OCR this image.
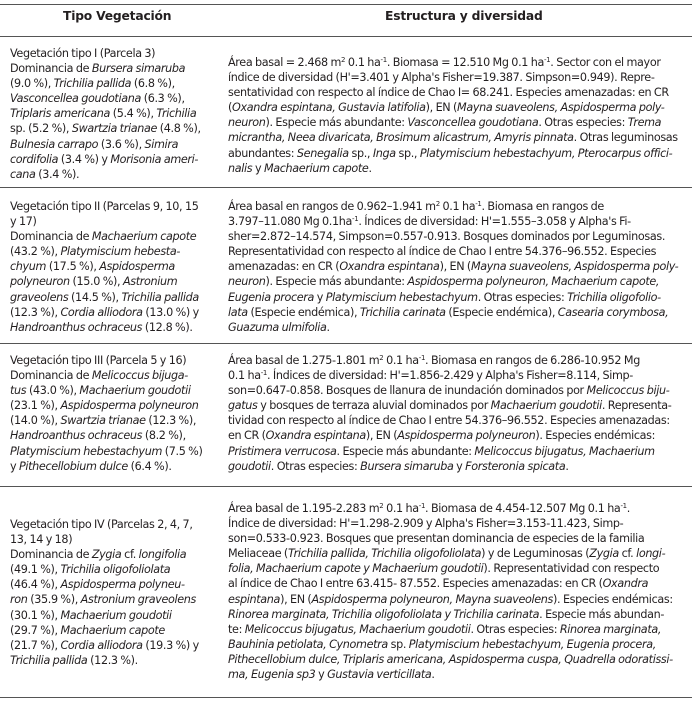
Tipo Vegetación	Estructura y diversidad
Vegetación tipo I (Parcela 3)
Dominancia de Bursera simaruba
(9.0 %), Trichilia pallida (6.8 %),
Vasconcellea goudotiana (6.3 %),
Triplaris americana (5.4 %), Trichilia
sp. (5.2 %), Swartzia trianae (4.8 %),
Bulnesia carrapo (3.6 %), Simira
cordifolia (3.4 %) y Morisonia ameri-
cana (3.4 %).
Área basal = 2.468 $m^2$ 0.1 $ha^{-1}$. Biomasa = 12.510 Mg 0.1 $ha^{-1}$. Sector con el mayor
índice de diversidad (H'=3.401 y Alpha's Fisher=19.387. Simpson=0.949). Repre-
sentatividad con respecto al índice de Chao I= 68.241. Especies amenazadas: en CR
(Oxandra espintana, Gustavia latifolia), EN (Mayna suaveolens, Aspidosperma poly-
neuron). Especie más abundante: Vasconcellea goudotiana. Otras especies: Trema
micrantha, Neea divaricata, Brosimum alicastrum, Amyris pinnata. Otras leguminosas
abundantes: Senegalia sp., Inga sp., Platymiscium hebestachyum, Pterocarpus offici-
nalis y Machaerium capote.
Vegetación tipo II (Parcelas 9, 10, 15
y 17)
Dominancia de Machaerium capote
(43.2 %), Platymiscium hebesta-
chyum (17.5 %), Aspidosperma
polyneuron (15.0 %), Astronium
graveolens (14.5 %), Trichilia pallida
(12.3 %), Cordia alliodora (13.0 %) y
Handroanthus ochraceus (12.8 %).
Área basal en rangos de 0.962–1.941 $m^2$ 0.1 $ha^{-1}$. Biomasa en rangos de
3.797–11.080 Mg $0.1ha^{-1}$. Índices de diversidad: H'=1.555–3.058 y Alpha's Fi-
sher=2.872–14.574, Simpson=0.557-0.913. Bosques dominados por Leguminosas.
Representatividad con respecto al índice de Chao I entre 54.376–96.552. Especies
amenazadas: en CR (Oxandra espintana), EN (Mayna suaveolens, Aspidosperma poly-
neuron). Especie más abundante: Aspidosperma polyneuron, Machaerium capote,
Eugenia procera y Platymiscium hebestachyum. Otras especies: Trichilia oligofolio-
lata (Especie endémica), Trichilia carinata (Especie endémica), Casearia corymbosa,
Guazuma ulmifolia.
Vegetación tipo III (Parcela 5 y 16)
Dominancia de Melicoccus bijuga-
tus (43.0 %), Machaerium goudotii
(23.1 %), Aspidosperma polyneuron
(14.0 %), Swartzia trianae (12.3 %),
Handroanthus ochraceus (8.2 %),
Platymiscium hebestachyum (7.5 %)
y Pithecellobium dulce (6.4 %).
Área basal de 1.275-1.801 $m^2$ 0.1 $ha^{-1}$. Biomasa en rangos de 6.286-10.952 Mg
0.1 $ha^{-1}$. Índices de diversidad: H'=1.856-2.429 y Alpha's Fisher=8.114, Simp-
son=0.647-0.858. Bosques de llanura de inundación dominados por Melicoccus biju-
gatus y bosques de terraza aluvial dominados por Machaerium goudotii. Representa-
tividad con respecto al índice de Chao I entre 54.376–96.552. Especies amenazadas:
en CR (Oxandra espintana), EN (Aspidosperma polyneuron). Especies endémicas:
Pristimera verrucosa. Especie más abundante: Melicoccus bijugatus, Machaerium
goudotii. Otras especies: Bursera simaruba y Forsteronia spicata.
Vegetación tipo IV (Parcelas 2, 4, 7,
13, 14 y 18)
Dominancia de Zygia cf. longifolia
(49.1 %), Trichilia oligofoliolata
(46.4 %), Aspidosperma polyneu-
ron (35.9 %), Astronium graveolens
(30.1 %), Machaerium goudotii
(29.7 %), Machaerium capote
(21.7 %), Cordia alliodora (19.3 %) y
Trichilia pallida (12.3 %).
Área basal de 1.195-2.283 $m^2$ 0.1 $ha^{-1}$. Biomasa de 4.454-12.507 Mg 0.1 $ha^{-1}$.
Índice de diversidad: H'=1.298-2.909 y Alpha's Fisher=3.153-11.423, Simp-
son=0.533-0.923. Bosques que presentan dominancia de especies de la familia
Meliaceae (Trichilia pallida, Trichilia oligofoliolata) y de Leguminosas (Zygia cf. longi-
folia, Machaerium capote y Machaerium goudotii). Representatividad con respecto
al índice de Chao I entre 63.415- 87.552. Especies amenazadas: en CR (Oxandra
espintana), EN (Aspidosperma polyneuron, Mayna suaveolens). Especies endémicas:
Rinorea marginata, Trichilia oligofoliolata y Trichilia carinata. Especie más abundan-
te: Melicoccus bijugatus, Machaerium goudotii. Otras especies: Rinorea marginata,
Bauhinia petiolata, Cynometra sp. Platymiscium hebestachyum, Eugenia procera,
Pithecellobium dulce, Triplaris americana, Aspidosperma cuspa, Quadrella odoratissi-
ma, Eugenia sp3 y Gustavia verticillata.
